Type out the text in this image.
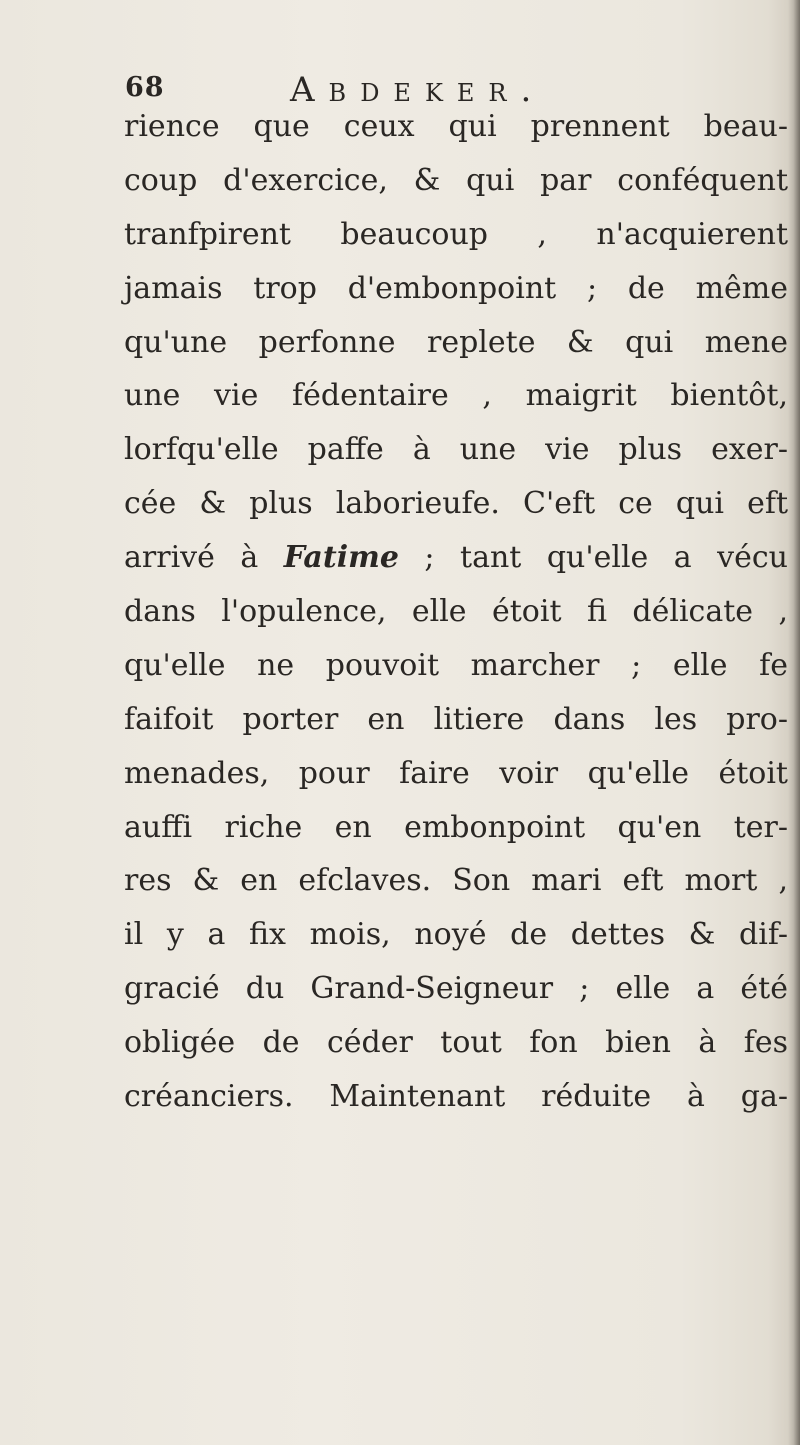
68	Abdeker.
rience que ceux qui prennent beau-
coup d'exercice, & qui par conféquent
tranfpirent beaucoup , n'acquierent
jamais trop d'embonpoint ; de même
qu'une perfonne replete & qui mene
une vie fédentaire , maigrit bientôt,
lorfqu'elle paffe à une vie plus exer-
cée & plus laborieufe. C'eft ce qui eft
arrivé à Fatime ; tant qu'elle a vécu
dans l'opulence, elle étoit fi délicate ,
qu'elle ne pouvoit marcher ; elle fe
faifoit porter en litiere dans les pro-
menades, pour faire voir qu'elle étoit
auffi riche en embonpoint qu'en ter-
res & en efclaves. Son mari eft mort ,
il y a fix mois, noyé de dettes & dif-
gracié du Grand-Seigneur ; elle a été
obligée de céder tout fon bien à fes
créanciers. Maintenant réduite à ga-
